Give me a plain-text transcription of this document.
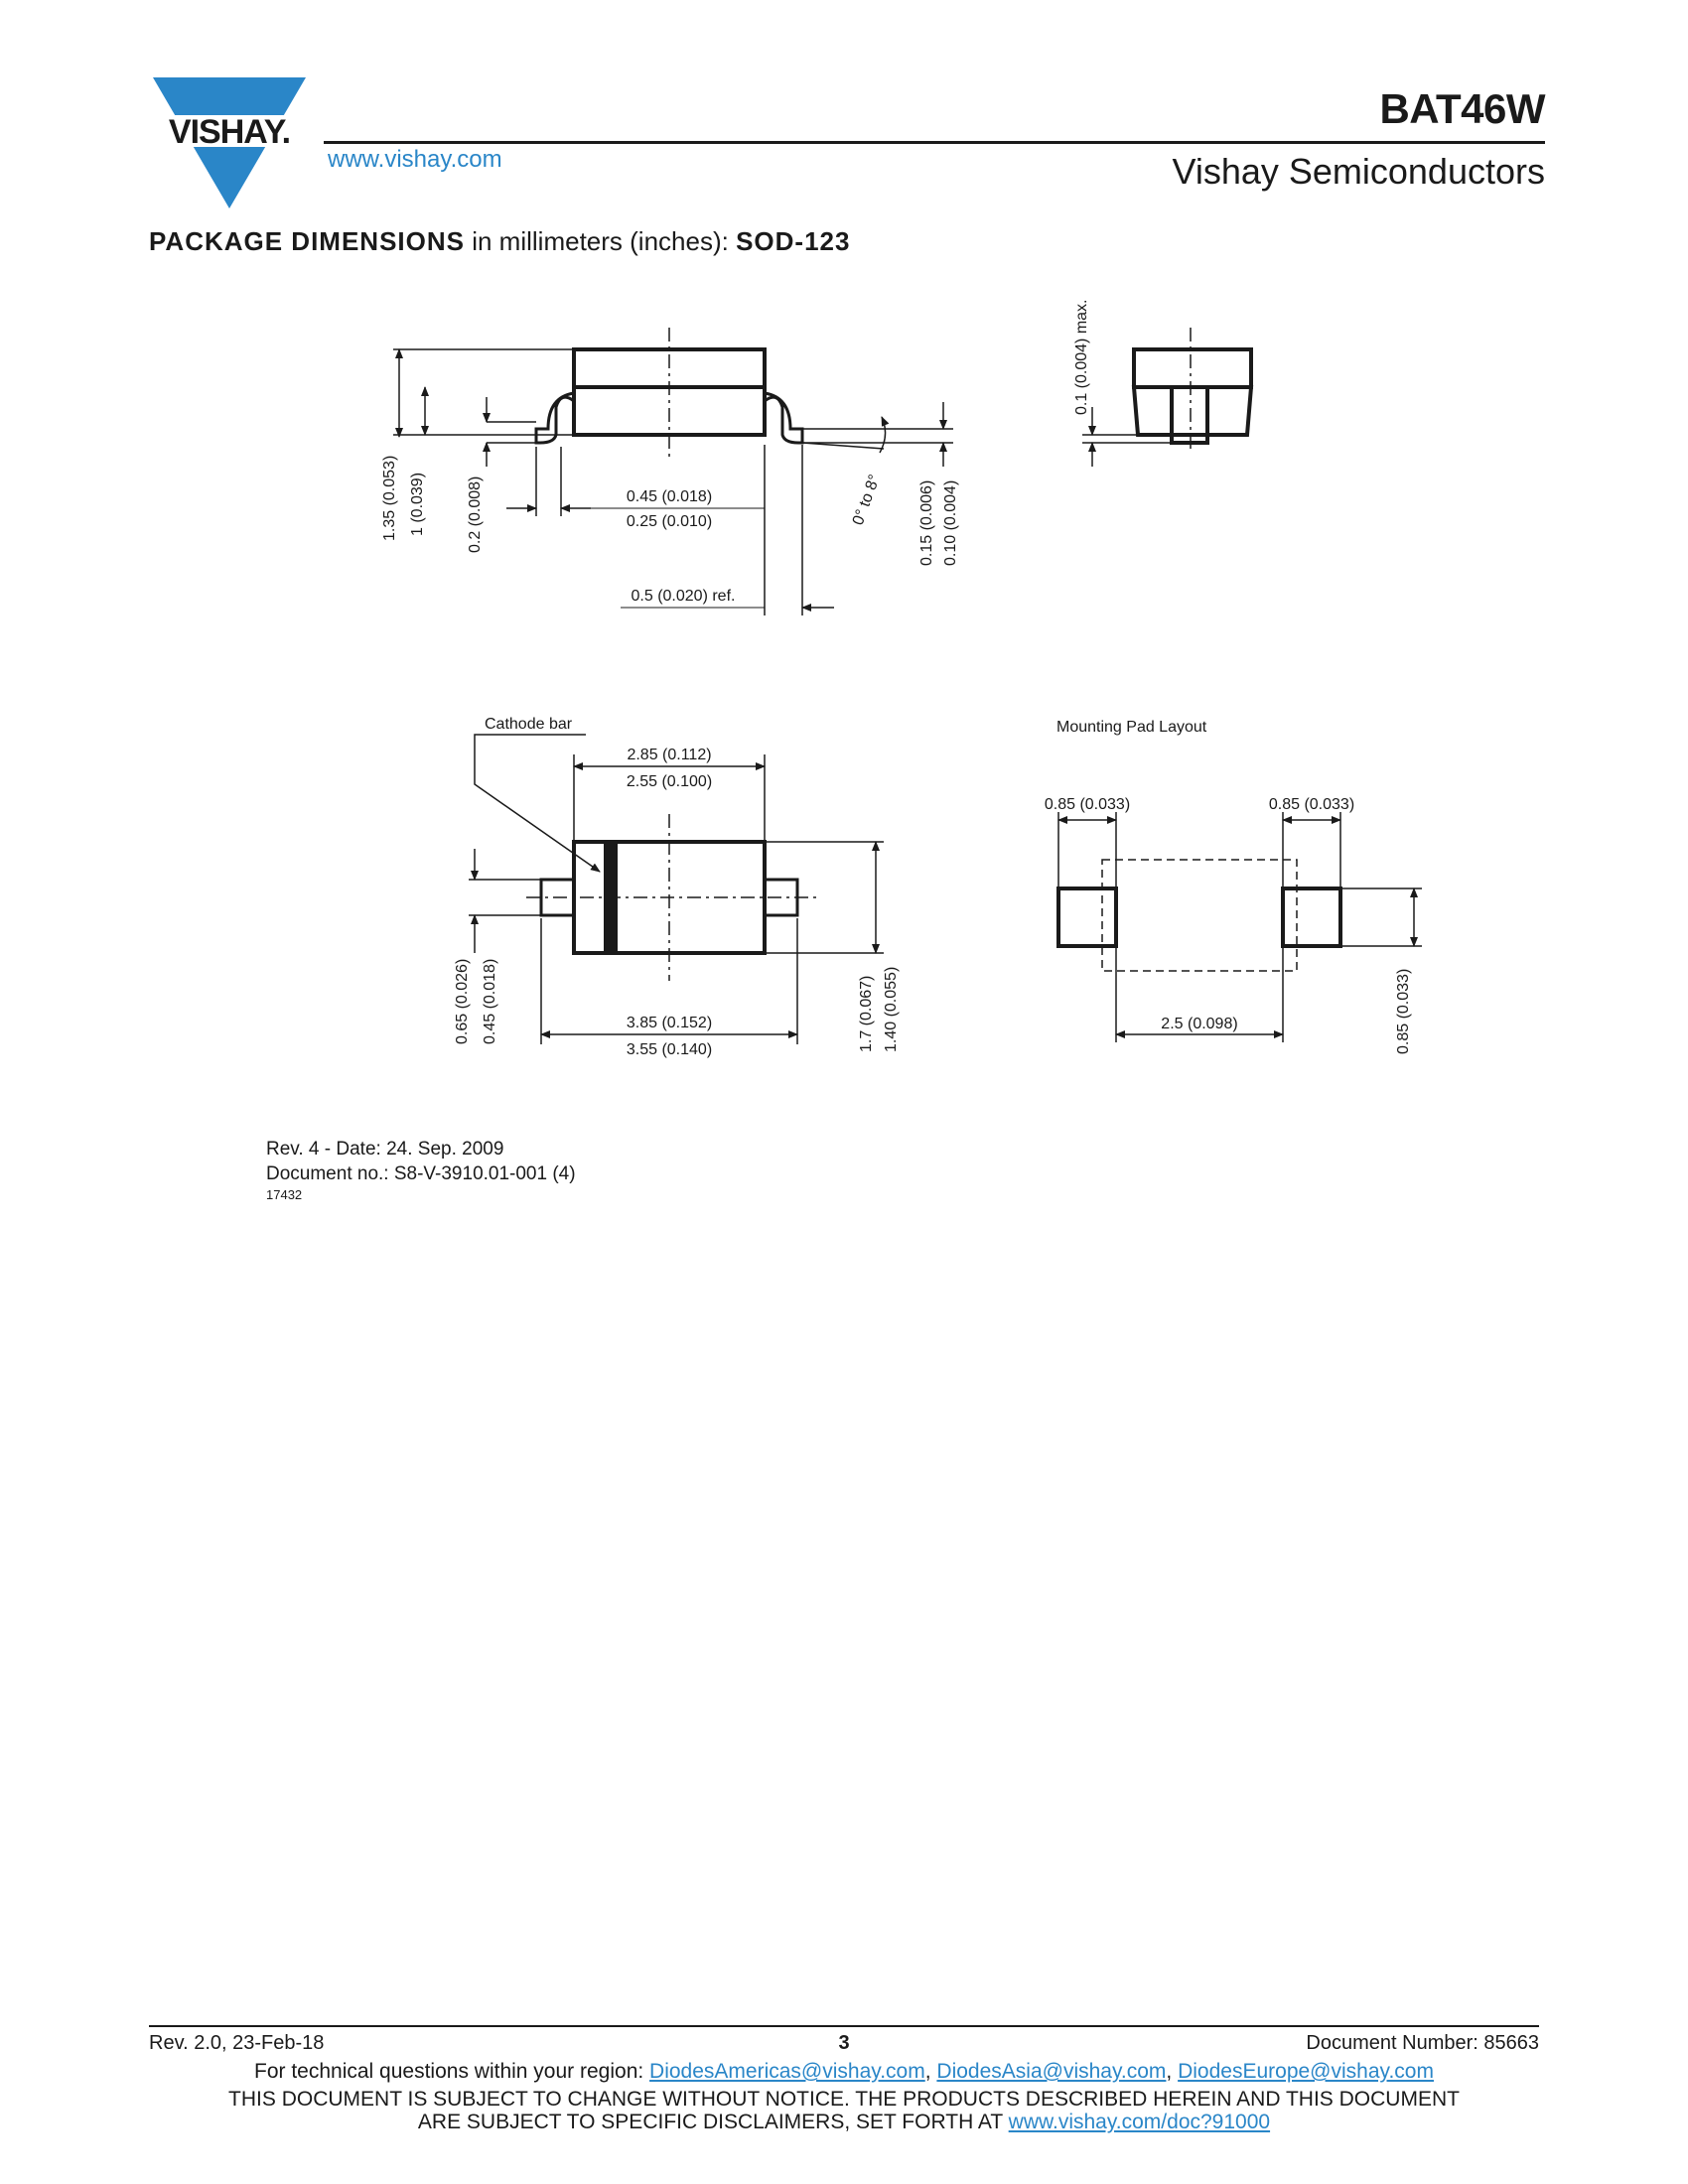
VISHAY.
www.vishay.com
BAT46W
Vishay Semiconductors
PACKAGE DIMENSIONS in millimeters (inches): SOD-123
1.35 (0.053) 1 (0.039)	0.2 (0.008)	0.45 (0.018)
0.25 (0.010)	0° to 8° 0.15 (0.006) 0.10 (0.004)
0.5 (0.020) ref.
0.1 (0.004) max.
Cathode bar
2.85 (0.112)
2.55 (0.100)
0.65 (0.026) 0.45 (0.018)	3.85 (0.152)
3.55 (0.140)	1.7 (0.067) 1.40 (0.055)
Mounting Pad Layout
0.85 (0.033)	0.85 (0.033)
2.5 (0.098)	0.85 (0.033)
Rev. 4 - Date: 24. Sep. 2009
Document no.: S8-V-3910.01-001 (4)
17432
Rev. 2.0, 23-Feb-18	3	Document Number: 85663
For technical questions within your region: DiodesAmericas@vishay.com, DiodesAsia@vishay.com, DiodesEurope@vishay.com
THIS DOCUMENT IS SUBJECT TO CHANGE WITHOUT NOTICE. THE PRODUCTS DESCRIBED HEREIN AND THIS DOCUMENT
ARE SUBJECT TO SPECIFIC DISCLAIMERS, SET FORTH AT www.vishay.com/doc?91000
